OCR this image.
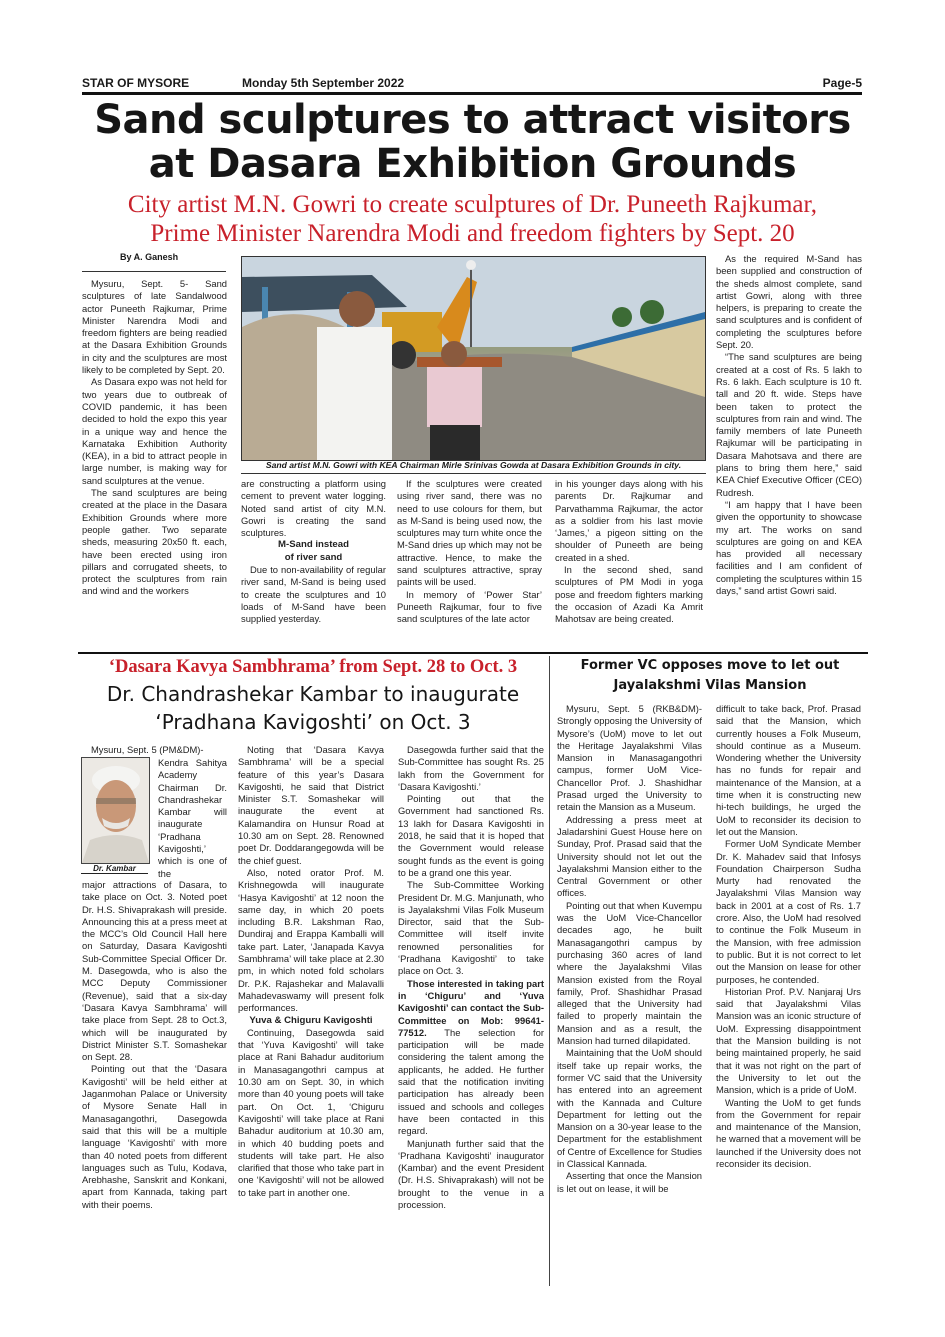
STAR OF MYSORE	Monday 5th September 2022	Page-5
Sand sculptures to attract visitors
at Dasara Exhibition Grounds
City artist M.N. Gowri to create sculptures of Dr. Puneeth Rajkumar,
Prime Minister Narendra Modi and freedom fighters by Sept. 20
By A. Ganesh

Mysuru, Sept. 5- Sand sculptures of late Sandalwood actor Puneeth Rajkumar, Prime Minister Narendra Modi and freedom fighters are being readied at the Dasara Exhibition Grounds in city and the sculptures are most likely to be completed by Sept. 20.

As Dasara expo was not held for two years due to outbreak of COVID pandemic, it has been decided to hold the expo this year in a unique way and hence the Karnataka Exhibition Authority (KEA), in a bid to attract people in large number, is making way for sand sculptures at the venue.

The sand sculptures are being created at the place in the Dasara Exhibition Grounds where more people gather. Two separate sheds, measuring 20x50 ft. each, have been erected using iron pillars and corrugated sheets, to protect the sculptures from rain and wind and the workers

Sand artist M.N. Gowri with KEA Chairman Mirle Srinivas Gowda at Dasara Exhibition Grounds in city.

are constructing a platform using cement to prevent water logging. Noted sand artist of city M.N. Gowri is creating the sand sculptures.

M-Sand instead
of river sand

Due to non-availability of regular river sand, M-Sand is being used to create the sculptures and 10 loads of M-Sand have been supplied yesterday.

If the sculptures were created using river sand, there was no need to use colours for them, but as M-Sand is being used now, the sculptures may turn white once the M-Sand dries up which may not be attractive. Hence, to make the sand sculptures attractive, spray paints will be used.

In memory of ‘Power Star’ Puneeth Rajkumar, four to five sand sculptures of the late actor

in his younger days along with his parents Dr. Rajkumar and Parvathamma Rajkumar, the actor as a soldier from his last movie ‘James,’ a pigeon sitting on the shoulder of Puneeth are being created in a shed.

In the second shed, sand sculptures of PM Modi in yoga pose and freedom fighters marking the occasion of Azadi Ka Amrit Mahotsav are being created.

As the required M-Sand has been supplied and construction of the sheds almost complete, sand artist Gowri, along with three helpers, is preparing to create the sand sculptures and is confident of completing the sculptures before Sept. 20.

“The sand sculptures are being created at a cost of Rs. 5 lakh to Rs. 6 lakh. Each sculpture is 10 ft. tall and 20 ft. wide. Steps have been taken to protect the sculptures from rain and wind. The family members of late Puneeth Rajkumar will be participating in Dasara Mahotsava and there are plans to bring them here,” said KEA Chief Executive Officer (CEO) Rudresh.

“I am happy that I have been given the opportunity to showcase my art. The works on sand sculptures are going on and KEA has provided all necessary facilities and I am confident of completing the sculptures within 15 days,” sand artist Gowri said.

‘Dasara Kavya Sambhrama’ from Sept. 28 to Oct. 3
Dr. Chandrashekar Kambar to inaugurate
‘Pradhana Kavigoshti’ on Oct. 3
Dr. Kambar

Mysuru, Sept. 5 (PM&DM)-

Kendra Sahitya Academy Chairman Dr. Chandrashekar Kambar will inaugurate ‘Pradhana Kavigoshti,’ which is one of the

major attractions of Dasara, to take place on Oct. 3. Noted poet Dr. H.S. Shivaprakash will preside. Announcing this at a press meet at the MCC’s Old Council Hall here on Saturday, Dasara Kavigoshti Sub-Committee Special Officer Dr. M. Dasegowda, who is also the MCC Deputy Commissioner (Revenue), said that a six-day ‘Dasara Kavya Sambhrama’ will take place from Sept. 28 to Oct.3, which will be inaugurated by District Minister S.T. Somashekar on Sept. 28.

Pointing out that the ‘Dasara Kavigoshti’ will be held either at Jaganmohan Palace or University of Mysore Senate Hall in Manasagangothri, Dasegowda said that this will be a multiple language ‘Kavigoshti’ with more than 40 noted poets from different languages such as Tulu, Kodava, Arebhashe, Sanskrit and Konkani, apart from Kannada, taking part with their poems.

Noting that ‘Dasara Kavya Sambhrama’ will be a special feature of this year’s Dasara Kavigoshti, he said that District Minister S.T. Somashekar will inaugurate the event at Kalamandira on Hunsur Road at 10.30 am on Sept. 28. Renowned poet Dr. Doddarangegowda will be the chief guest.

Also, noted orator Prof. M. Krishnegowda will inaugurate ‘Hasya Kavigoshti’ at 12 noon the same day, in which 20 poets including B.R. Lakshman Rao, Dundiraj and Erappa Kamballi will take part. Later, ‘Janapada Kavya Sambhrama’ will take place at 2.30 pm, in which noted fold scholars Dr. P.K. Rajashekar and Malavalli Mahadevaswamy will present folk performances.

Yuva & Chiguru Kavigoshti

Continuing, Dasegowda said that ‘Yuva Kavigoshti’ will take place at Rani Bahadur auditorium in Manasagangothri campus at 10.30 am on Sept. 30, in which more than 40 young poets will take part. On Oct. 1, ‘Chiguru Kavigoshti’ will take place at Rani Bahadur auditorium at 10.30 am, in which 40 budding poets and students will take part. He also clarified that those who take part in one ‘Kavigoshti’ will not be allowed to take part in another one.

Dasegowda further said that the Sub-Committee has sought Rs. 25 lakh from the Government for ‘Dasara Kavigoshti.’

Pointing out that the Government had sanctioned Rs. 13 lakh for Dasara Kavigoshti in 2018, he said that it is hoped that the Government would release sought funds as the event is going to be a grand one this year.

The Sub-Committee Working President Dr. M.G. Manjunath, who is Jayalakshmi Vilas Folk Museum Director, said that the Sub-Committee will itself invite renowned personalities for ‘Pradhana Kavigoshti’ to take place on Oct. 3.

Those interested in taking part in ‘Chiguru’ and ‘Yuva Kavigoshti’ can contact the Sub-Committee on Mob: 99641-77512. The selection for participation will be made considering the talent among the applicants, he added. He further said that the notification inviting participation has already been issued and schools and colleges have been contacted in this regard.

Manjunath further said that the ‘Pradhana Kavigoshti’ inaugurator (Kambar) and the event President (Dr. H.S. Shivaprakash) will not be brought to the venue in a procession.

Former VC opposes move to let out
Jayalakshmi Vilas Mansion

Mysuru, Sept. 5 (RKB&DM)- Strongly opposing the University of Mysore’s (UoM) move to let out the Heritage Jayalakshmi Vilas Mansion in Manasagangothri campus, former UoM Vice-Chancellor Prof. J. Shashidhar Prasad urged the University to retain the Mansion as a Museum.

Addressing a press meet at Jaladarshini Guest House here on Sunday, Prof. Prasad said that the University should not let out the Jayalakshmi Mansion either to the Central Government or other offices.

Pointing out that when Kuvempu was the UoM Vice-Chancellor decades ago, he built Manasagangothri campus by purchasing 360 acres of land where the Jayalakshmi Vilas Mansion existed from the Royal family, Prof. Shashidhar Prasad alleged that the University had failed to properly maintain the Mansion and as a result, the Mansion had turned dilapidated.

Maintaining that the UoM should itself take up repair works, the former VC said that the University has entered into an agreement with the Kannada and Culture Department for letting out the Mansion on a 30-year lease to the Department for the establishment of Centre of Excellence for Studies in Classical Kannada.

Asserting that once the Mansion is let out on lease, it will be

difficult to take back, Prof. Prasad said that the Mansion, which currently houses a Folk Museum, should continue as a Museum. Wondering whether the University has no funds for repair and maintenance of the Mansion, at a time when it is constructing new hi-tech buildings, he urged the UoM to reconsider its decision to let out the Mansion.

Former UoM Syndicate Member Dr. K. Mahadev said that Infosys Foundation Chairperson Sudha Murty had renovated the Jayalakshmi Vilas Mansion way back in 2001 at a cost of Rs. 1.7 crore. Also, the UoM had resolved to continue the Folk Museum in the Mansion, with free admission to public. But it is not correct to let out the Mansion on lease for other purposes, he contended.

Historian Prof. P.V. Nanjaraj Urs said that Jayalakshmi Vilas Mansion was an iconic structure of UoM. Expressing disappointment that the Mansion building is not being maintained properly, he said that it was not right on the part of the University to let out the Mansion, which is a pride of UoM.

Wanting the UoM to get funds from the Government for repair and maintenance of the Mansion, he warned that a movement will be launched if the University does not reconsider its decision.
